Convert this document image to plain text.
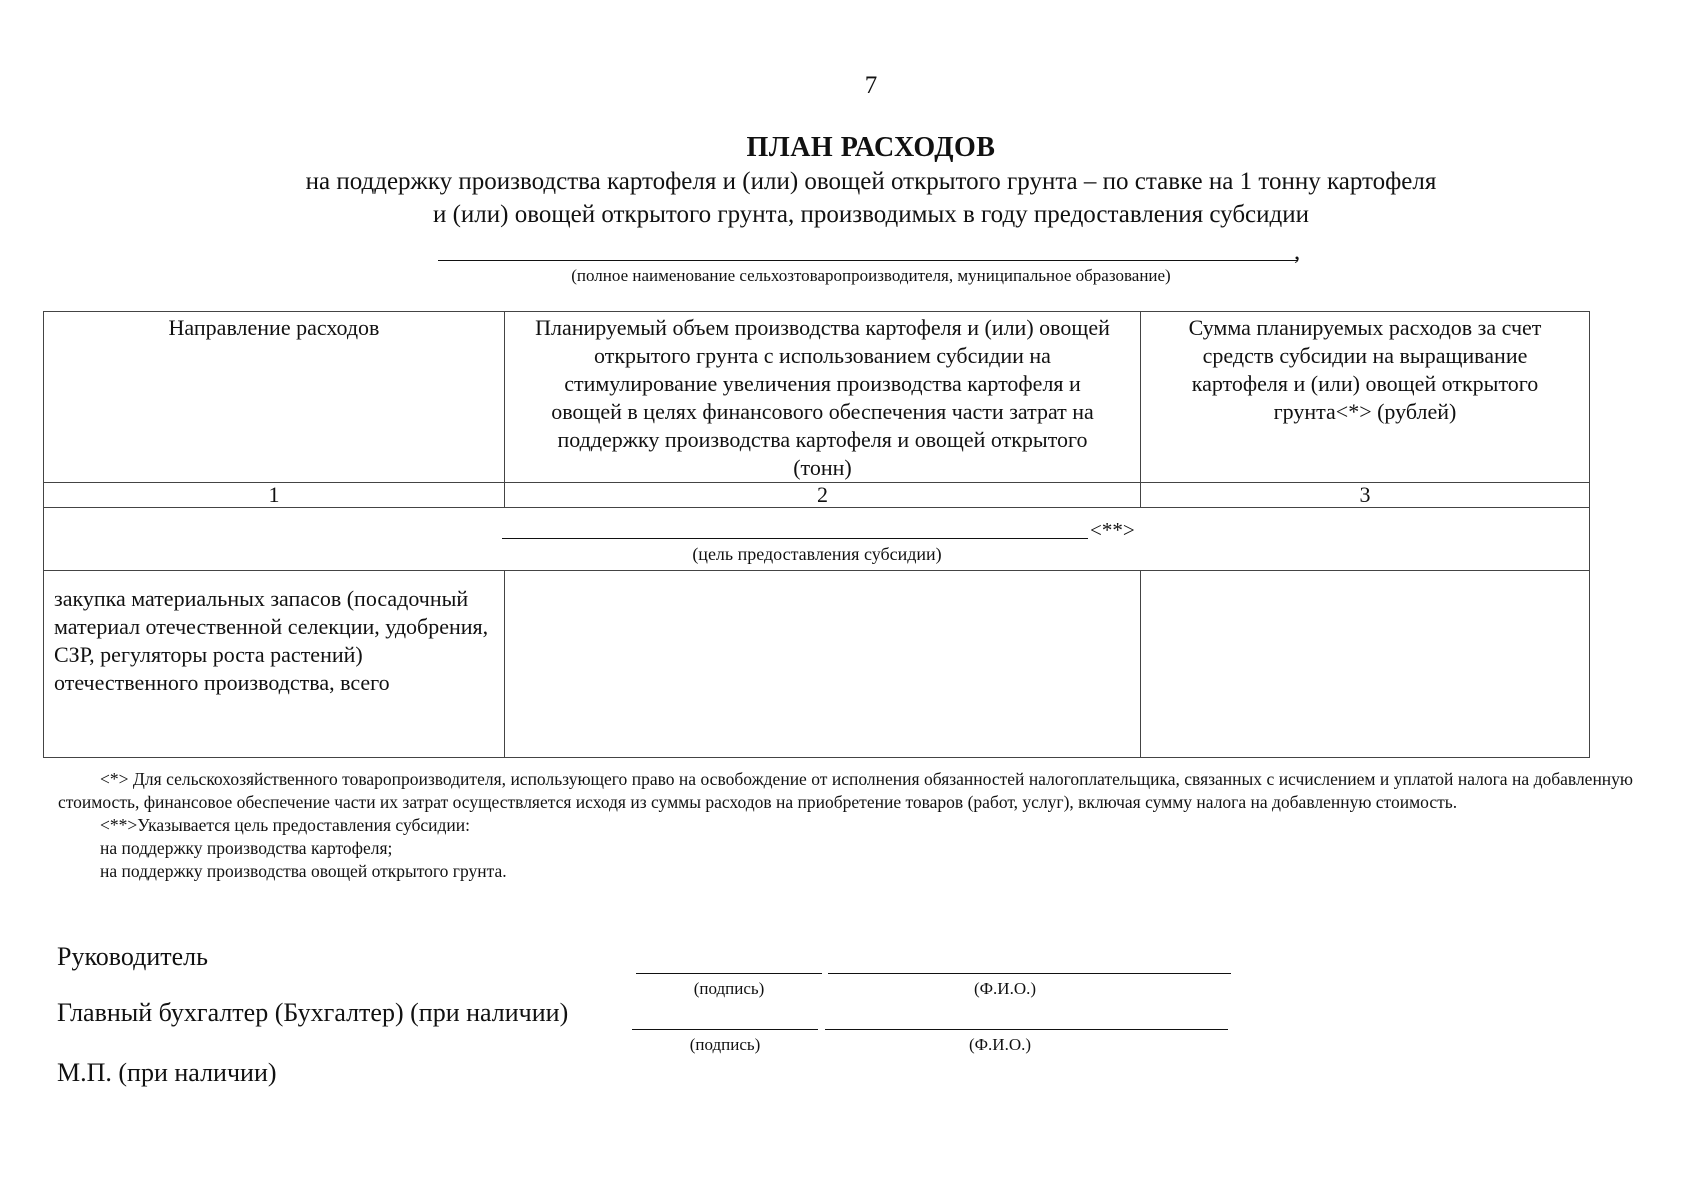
7
ПЛАН РАСХОДОВ
на поддержку производства картофеля и (или) овощей открытого грунта – по ставке на 1 тонну картофеля
и (или) овощей открытого грунта, производимых в году предоставления субсидии
,
(полное наименование сельхозтоваропроизводителя, муниципальное образование)
Направление расходов	Планируемый объем производства картофеля и (или) овощей открытого грунта с использованием субсидии на стимулирование увеличения производства картофеля и овощей в целях финансового обеспечения части затрат на поддержку производства картофеля и овощей открытого (тонн)	Сумма планируемых расходов за счет средств субсидии на выращивание картофеля и (или) овощей открытого грунта<*> (рублей)
1	2	3

<**>
(цель предоставления субсидии)		

закупка материальных запасов (посадочный материал отечественной селекции, удобрения, СЗР, регуляторы роста растений) отечественного производства, всего		

<*> Для сельскохозяйственного товаропроизводителя, использующего право на освобождение от исполнения обязанностей налогоплательщика, связанных с исчислением и уплатой налога на добавленную стоимость, финансовое обеспечение части их затрат осуществляется исходя из суммы расходов на приобретение товаров (работ, услуг), включая сумму налога на добавленную стоимость.

<**>Указывается цель предоставления субсидии:

на поддержку производства картофеля;

на поддержку производства овощей открытого грунта.

Руководитель
(подпись)	(Ф.И.О.)
Главный бухгалтер (Бухгалтер) (при наличии)
(подпись)	(Ф.И.О.)
М.П. (при наличии)
